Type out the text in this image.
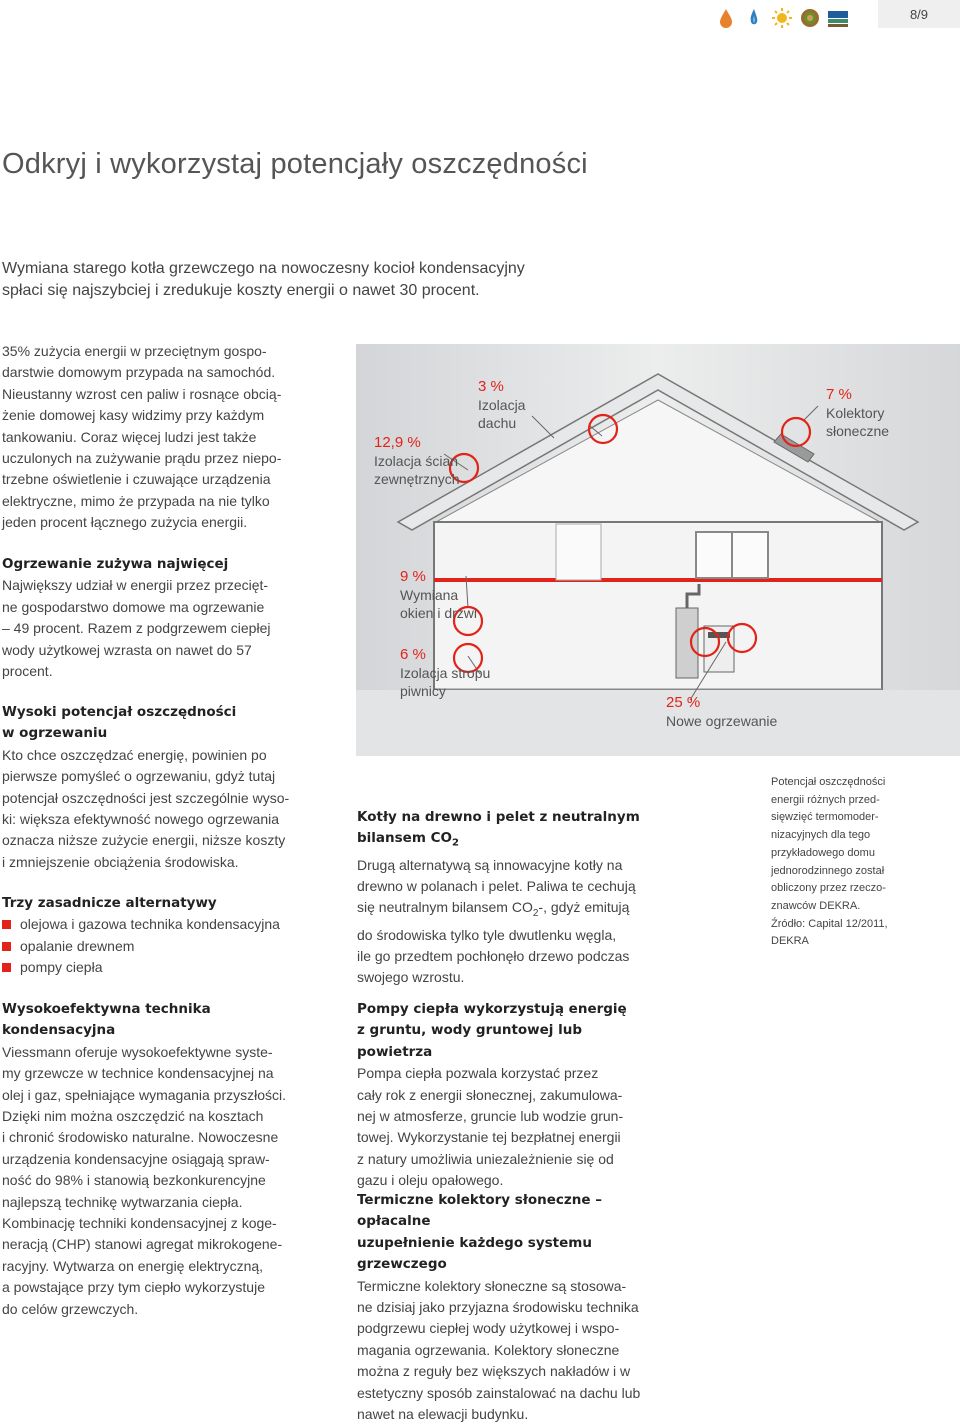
8/9
Odkryj i wykorzystaj potencjały oszczędności
Wymiana starego kotła grzewczego na nowoczesny kocioł kondensacyjny
spłaci się najszybciej i zredukuje koszty energii o nawet 30 procent.
35% zużycia energii w przeciętnym gospo-
darstwie domowym przypada na samochód.
Nieustanny wzrost cen paliw i rosnące obcią-
żenie domowej kasy widzimy przy każdym
tankowaniu. Coraz więcej ludzi jest także
uczulonych na zużywanie prądu przez niepo-
trzebne oświetlenie i czuwające urządzenia
elektryczne, mimo że przypada na nie tylko
jeden procent łącznego zużycia energii.
Ogrzewanie zużywa najwięcej
Największy udział w energii przez przecięt-
ne gospodarstwo domowe ma ogrzewanie
– 49 procent. Razem z podgrzewem ciepłej
wody użytkowej wzrasta on nawet do 57
procent.
Wysoki potencjał oszczędności
w ogrzewaniu
Kto chce oszczędzać energię, powinien po
pierwsze pomyśleć o ogrzewaniu, gdyż tutaj
potencjał oszczędności jest szczególnie wyso-
ki: większa efektywność nowego ogrzewania
oznacza niższe zużycie energii, niższe koszty
i zmniejszenie obciążenia środowiska.
Trzy zasadnicze alternatywy
olejowa i gazowa technika kondensacyjna
opalanie drewnem
pompy ciepła
Wysokoefektywna technika
kondensacyjna
Viessmann oferuje wysokoefektywne syste-
my grzewcze w technice kondensacyjnej na
olej i gaz, spełniające wymagania przyszłości.
Dzięki nim można oszczędzić na kosztach
i chronić środowisko naturalne. Nowoczesne
urządzenia kondensacyjne osiągają spraw-
ność do 98% i stanowią bezkonkurencyjne
najlepszą technikę wytwarzania ciepła.
Kombinację techniki kondensacyjnej z koge-
neracją (CHP) stanowi agregat mikrokogene-
racyjny. Wytwarza on energię elektryczną,
a powstające przy tym ciepło wykorzystuje
do celów grzewczych.
12,9 %
Izolacja ścian
zewnętrznych
3 %
Izolacja
dachu
7 %
Kolektory
słoneczne
9 %
Wymiana
okien i drzwi
6 %
Izolacja stropu
piwnicy
25 %
Nowe ogrzewanie
Potencjał oszczędności
energii różnych przed-
sięwzięć termomoder-
nizacyjnych dla tego
przykładowego domu
jednorodzinnego został
obliczony przez rzeczo-
znawców DEKRA.
Źródło: Capital 12/2011,
DEKRA
Kotły na drewno i pelet z neutralnym
bilansem $CO_2$
Drugą alternatywą są innowacyjne kotły na
drewno w polanach i pelet. Paliwa te cechują
się neutralnym bilansem $CO_2-$, gdyż emitują
do środowiska tylko tyle dwutlenku węgla,
ile go przedtem pochłonęło drzewo podczas
swojego wzrostu.
Pompy ciepła wykorzystują energię
z gruntu, wody gruntowej lub powietrza
Pompa ciepła pozwala korzystać przez
cały rok z energii słonecznej, zakumulowa-
nej w atmosferze, gruncie lub wodzie grun-
towej. Wykorzystanie tej bezpłatnej energii
z natury umożliwia uniezależnienie się od
gazu i oleju opałowego.
Termiczne kolektory słoneczne – opłacalne
uzupełnienie każdego systemu grzewczego
Termiczne kolektory słoneczne są stosowa-
ne dzisiaj jako przyjazna środowisku technika
podgrzewu ciepłej wody użytkowej i wspo-
magania ogrzewania. Kolektory słoneczne
można z reguły bez większych nakładów i w
estetyczny sposób zainstalować na dachu lub
nawet na elewacji budynku.
